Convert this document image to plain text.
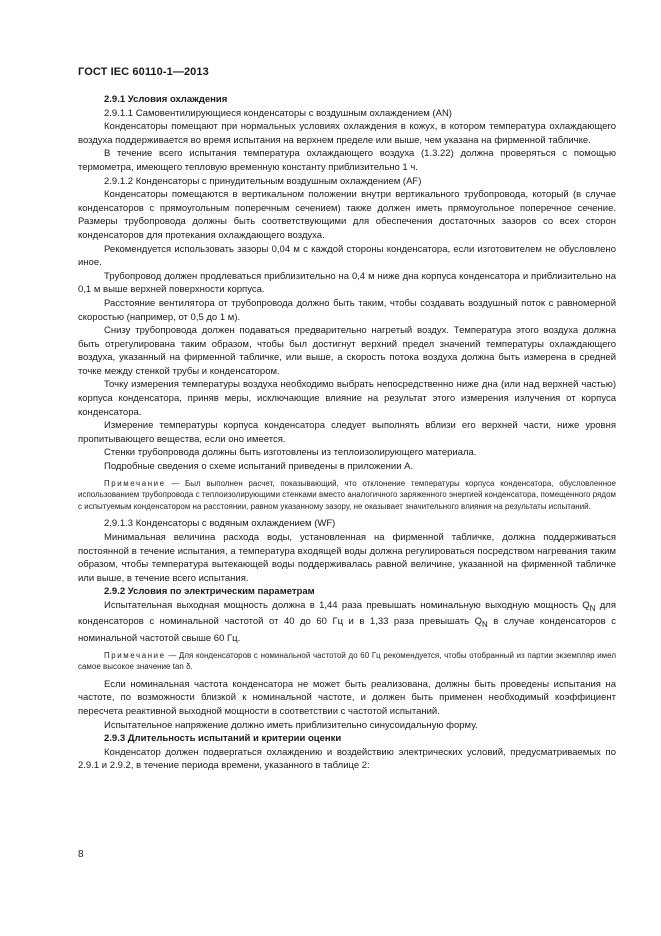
ГОСТ IEC 60110-1—2013

2.9.1 Условия охлаждения

2.9.1.1 Самовентилирующиеся конденсаторы с воздушным охлаждением (AN)

Конденсаторы помещают при нормальных условиях охлаждения в кожух, в котором температура охлаждающего воздуха поддерживается во время испытания на верхнем пределе или выше, чем указана на фирменной табличке.

В течение всего испытания температура охлаждающего воздуха (1.3.22) должна проверяться с помощью термометра, имеющего тепловую временную константу приблизительно 1 ч.

2.9.1.2 Конденсаторы с принудительным воздушным охлаждением (AF)

Конденсаторы помещаются в вертикальном положении внутри вертикального трубопровода, который (в случае конденсаторов с прямоугольным поперечным сечением) также должен иметь прямоугольное поперечное сечение. Размеры трубопровода должны быть соответствующими для обеспечения достаточных зазоров со всех сторон конденсаторов для протекания охлаждающего воздуха.

Рекомендуется использовать зазоры 0,04 м с каждой стороны конденсатора, если изготовителем не обусловлено иное.

Трубопровод должен продлеваться приблизительно на 0,4 м ниже дна корпуса конденсатора и приблизительно на 0,1 м выше верхней поверхности корпуса.

Расстояние вентилятора от трубопровода должно быть таким, чтобы создавать воздушный поток с равномерной скоростью (например, от 0,5 до 1 м).

Снизу трубопровода должен подаваться предварительно нагретый воздух. Температура этого воздуха должна быть отрегулирована таким образом, чтобы был достигнут верхний предел значений температуры охлаждающего воздуха, указанный на фирменной табличке, или выше, а скорость потока воздуха должна быть измерена в средней точке между стенкой трубы и конденсатором.

Точку измерения температуры воздуха необходимо выбрать непосредственно ниже дна (или над верхней частью) корпуса конденсатора, приняв меры, исключающие влияние на результат этого измерения излучения от корпуса конденсатора.

Измерение температуры корпуса конденсатора следует выполнять вблизи его верхней части, ниже уровня пропитывающего вещества, если оно имеется.

Стенки трубопровода должны быть изготовлены из теплоизолирующего материала.

Подробные сведения о схеме испытаний приведены в приложении А.

Примечание — Был выполнен расчет, показывающий, что отклонение температуры корпуса конденсатора, обусловленное использованием трубопровода с теплоизолирующими стенками вместо аналогичного заряженного энергией конденсатора, помещенного рядом с испытуемым конденсатором на расстоянии, равном указанному зазору, не оказывает значительного влияния на результаты испытаний.

2.9.1.3 Конденсаторы с водяным охлаждением (WF)

Минимальная величина расхода воды, установленная на фирменной табличке, должна поддерживаться постоянной в течение испытания, а температура входящей воды должна регулироваться посредством нагревания таким образом, чтобы температура вытекающей воды поддерживалась равной величине, указанной на фирменной табличке или выше, в течение всего испытания.

2.9.2 Условия по электрическим параметрам

Испытательная выходная мощность должна в 1,44 раза превышать номинальную выходную мощность $Q_N$ для конденсаторов с номинальной частотой от 40 до 60 Гц и в 1,33 раза превышать $Q_N$ в случае конденсаторов с номинальной частотой свыше 60 Гц.

Примечание — Для конденсаторов с номинальной частотой до 60 Гц рекомендуется, чтобы отобранный из партии экземпляр имел самое высокое значение tan δ.

Если номинальная частота конденсатора не может быть реализована, должны быть проведены испытания на частоте, по возможности близкой к номинальной частоте, и должен быть применен необходимый коэффициент пересчета реактивной выходной мощности в соответствии с частотой испытаний.

Испытательное напряжение должно иметь приблизительно синусоидальную форму.

2.9.3 Длительность испытаний и критерии оценки

Конденсатор должен подвергаться охлаждению и воздействию электрических условий, предусматриваемых по 2.9.1 и 2.9.2, в течение периода времени, указанного в таблице 2:

8
